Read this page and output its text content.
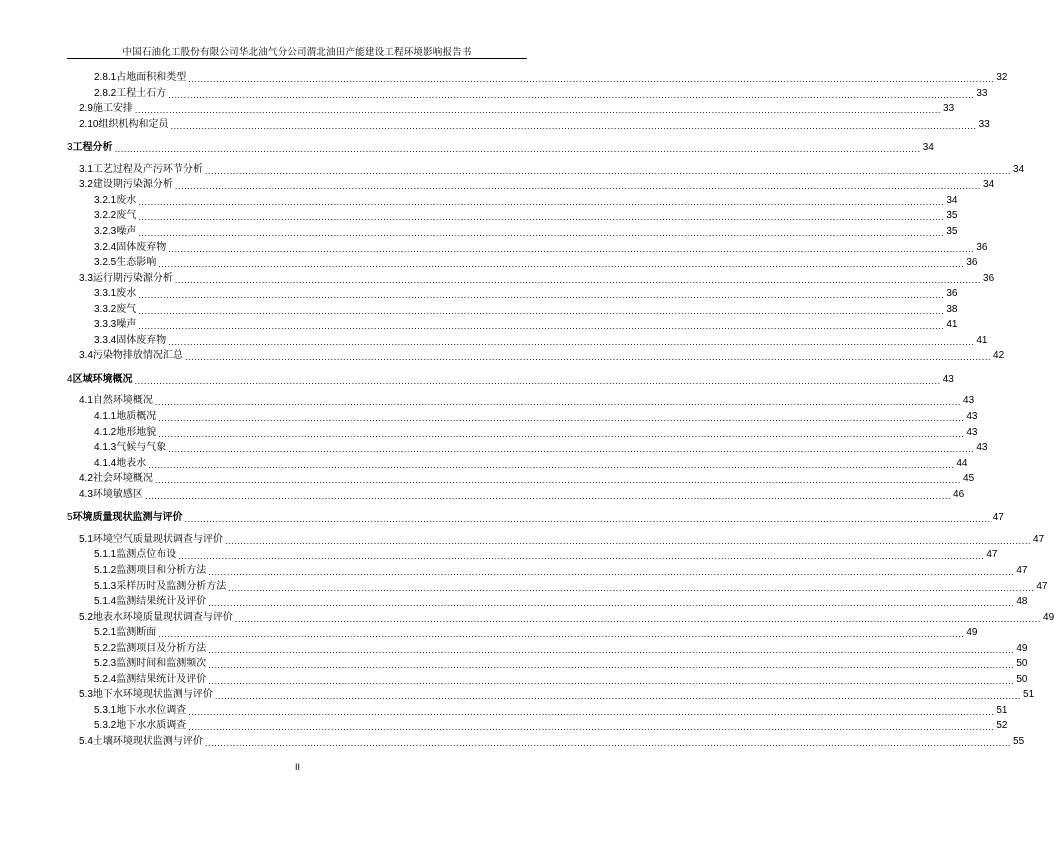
中国石油化工股份有限公司华北油气分公司渭北油田产能建设工程环境影响报告书
2.8.1 占地面积和类型 .................................................................................................................................................................................................................................................................... 32
2.8.2 工程土石方 .................................................................................................................................................................................................................................................................... 33
2.9 施工安排 .................................................................................................................................................................................................................................................................... 33
2.10 组织机构和定员 .................................................................................................................................................................................................................................................................... 33
3 工程分析 .................................................................................................................................................................................................................................................................... 34
3.1 工艺过程及产污环节分析 .................................................................................................................................................................................................................................................................... 34
3.2 建设期污染源分析 .................................................................................................................................................................................................................................................................... 34
3.2.1 废水 .................................................................................................................................................................................................................................................................... 34
3.2.2 废气 .................................................................................................................................................................................................................................................................... 35
3.2.3 噪声 .................................................................................................................................................................................................................................................................... 35
3.2.4 固体废弃物 .................................................................................................................................................................................................................................................................... 36
3.2.5 生态影响 .................................................................................................................................................................................................................................................................... 36
3.3 运行期污染源分析 .................................................................................................................................................................................................................................................................... 36
3.3.1 废水 .................................................................................................................................................................................................................................................................... 36
3.3.2 废气 .................................................................................................................................................................................................................................................................... 38
3.3.3 噪声 .................................................................................................................................................................................................................................................................... 41
3.3.4 固体废弃物 .................................................................................................................................................................................................................................................................... 41
3.4 污染物排放情况汇总 .................................................................................................................................................................................................................................................................... 42
4 区域环境概况 .................................................................................................................................................................................................................................................................... 43
4.1 自然环境概况 .................................................................................................................................................................................................................................................................... 43
4.1.1 地质概况 .................................................................................................................................................................................................................................................................... 43
4.1.2 地形地貌 .................................................................................................................................................................................................................................................................... 43
4.1.3 气候与气象 .................................................................................................................................................................................................................................................................... 43
4.1.4 地表水 .................................................................................................................................................................................................................................................................... 44
4.2 社会环境概况 .................................................................................................................................................................................................................................................................... 45
4.3 环境敏感区 .................................................................................................................................................................................................................................................................... 46
5 环境质量现状监测与评价 .................................................................................................................................................................................................................................................................... 47
5.1 环境空气质量现状调查与评价 .................................................................................................................................................................................................................................................................... 47
5.1.1 监测点位布设 .................................................................................................................................................................................................................................................................... 47
5.1.2 监测项目和分析方法 .................................................................................................................................................................................................................................................................... 47
5.1.3 采样历时及监测分析方法 .................................................................................................................................................................................................................................................................... 47
5.1.4 监测结果统计及评价 .................................................................................................................................................................................................................................................................... 48
5.2 地表水环境质量现状调查与评价 .................................................................................................................................................................................................................................................................... 49
5.2.1 监测断面 .................................................................................................................................................................................................................................................................... 49
5.2.2 监测项目及分析方法 .................................................................................................................................................................................................................................................................... 49
5.2.3 监测时间和监测频次 .................................................................................................................................................................................................................................................................... 50
5.2.4 监测结果统计及评价 .................................................................................................................................................................................................................................................................... 50
5.3 地下水环境现状监测与评价 .................................................................................................................................................................................................................................................................... 51
5.3.1 地下水水位调查 .................................................................................................................................................................................................................................................................... 51
5.3.2 地下水水质调查 .................................................................................................................................................................................................................................................................... 52
5.4 土壤环境现状监测与评价 .................................................................................................................................................................................................................................................................... 55
II
